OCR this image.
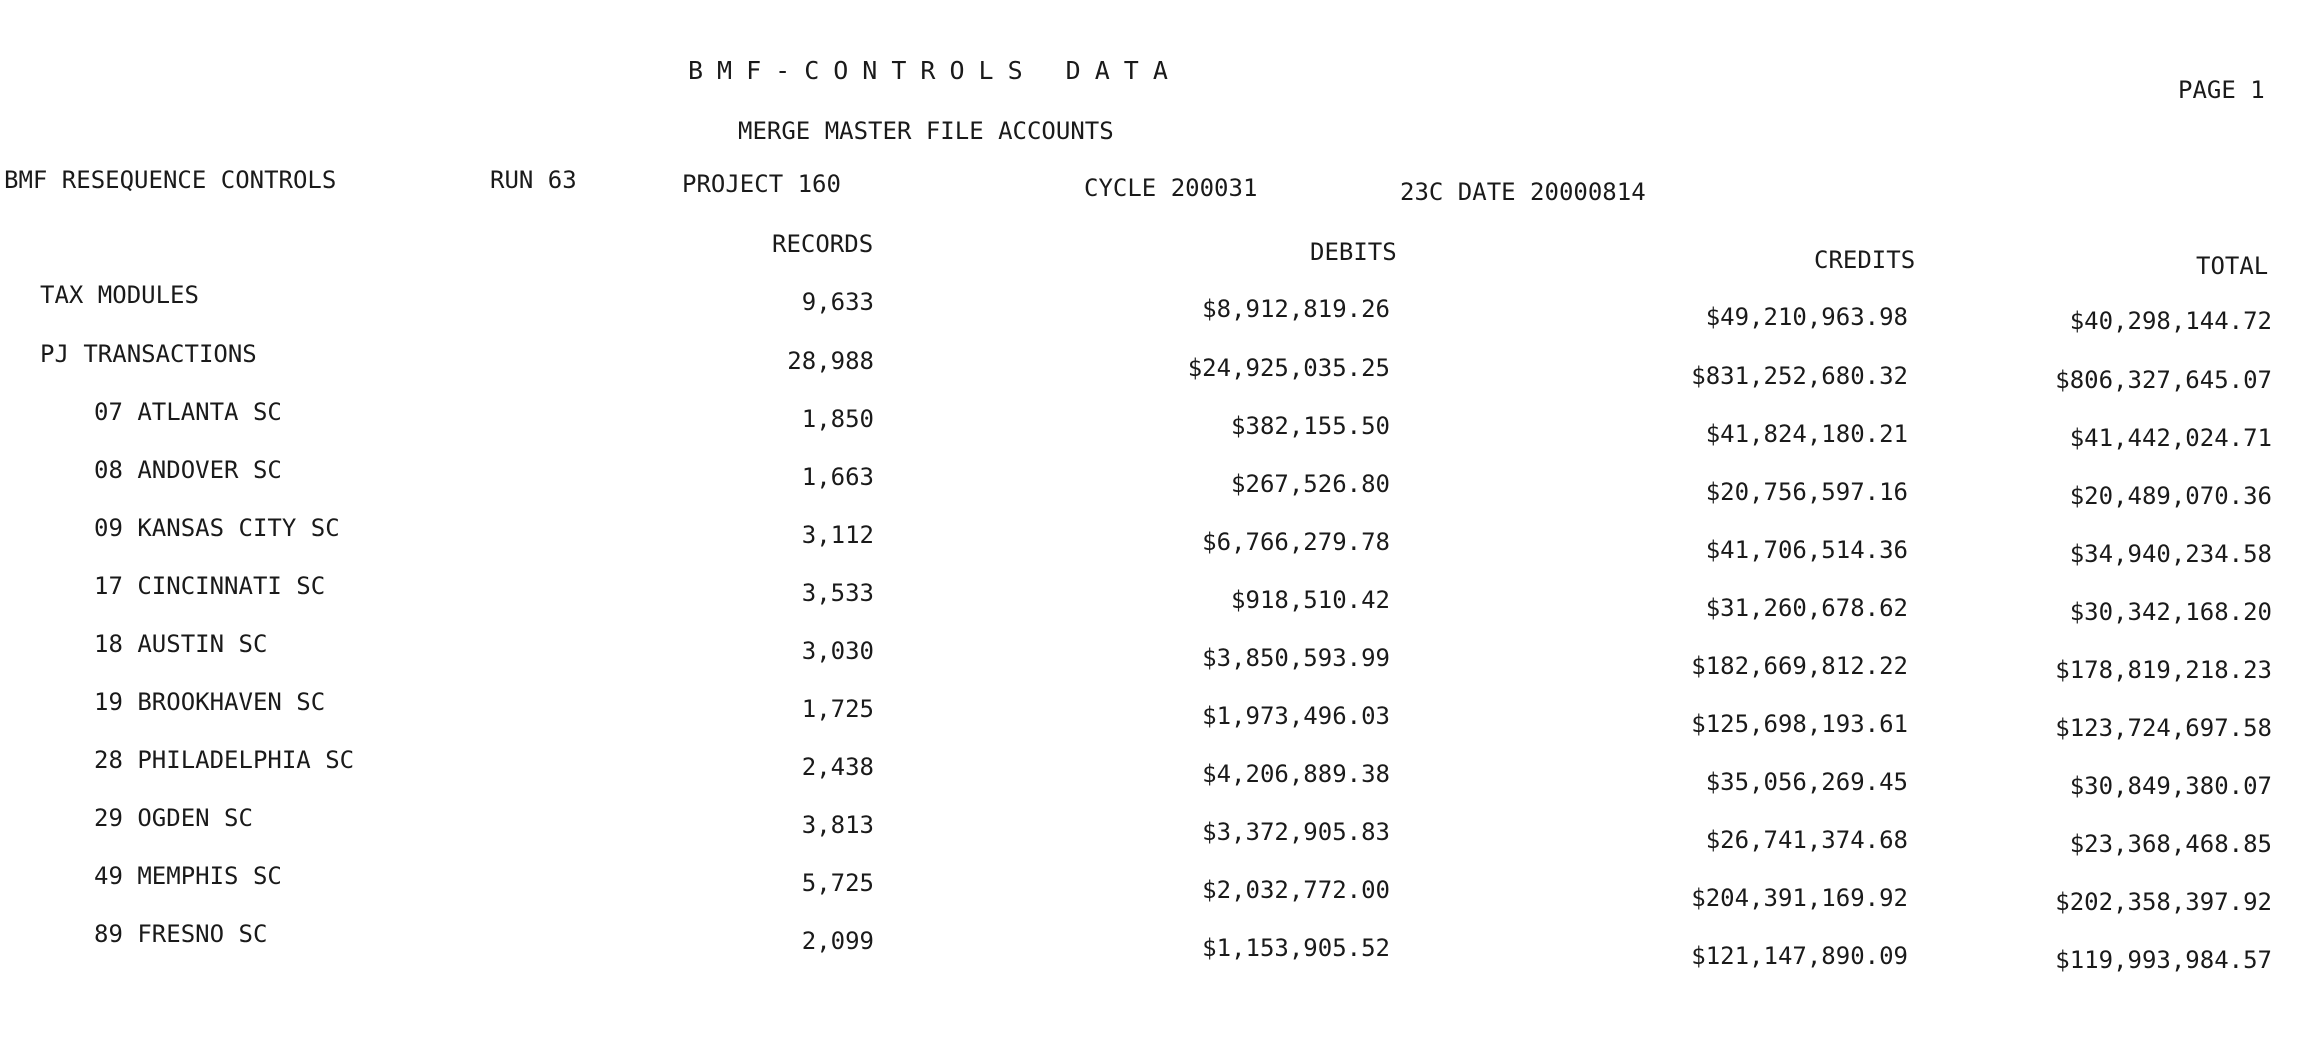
BMF-CONTROLS DATA
MERGE MASTER FILE ACCOUNTS
PAGE 1
BMF RESEQUENCE CONTROLS	RUN 63	PROJECT 160	CYCLE 200031	23C DATE 20000814
RECORDS	DEBITS	CREDITS	TOTAL
TAX MODULES	9,633	$8,912,819.26	$49,210,963.98	$40,298,144.72
PJ TRANSACTIONS	28,988	$24,925,035.25	$831,252,680.32	$806,327,645.07
07 ATLANTA SC	1,850	$382,155.50	$41,824,180.21	$41,442,024.71
08 ANDOVER SC	1,663	$267,526.80	$20,756,597.16	$20,489,070.36
09 KANSAS CITY SC	3,112	$6,766,279.78	$41,706,514.36	$34,940,234.58
17 CINCINNATI SC	3,533	$918,510.42	$31,260,678.62	$30,342,168.20
18 AUSTIN SC	3,030	$3,850,593.99	$182,669,812.22	$178,819,218.23
19 BROOKHAVEN SC	1,725	$1,973,496.03	$125,698,193.61	$123,724,697.58
28 PHILADELPHIA SC	2,438	$4,206,889.38	$35,056,269.45	$30,849,380.07
29 OGDEN SC	3,813	$3,372,905.83	$26,741,374.68	$23,368,468.85
49 MEMPHIS SC	5,725	$2,032,772.00	$204,391,169.92	$202,358,397.92
89 FRESNO SC	2,099	$1,153,905.52	$121,147,890.09	$119,993,984.57
